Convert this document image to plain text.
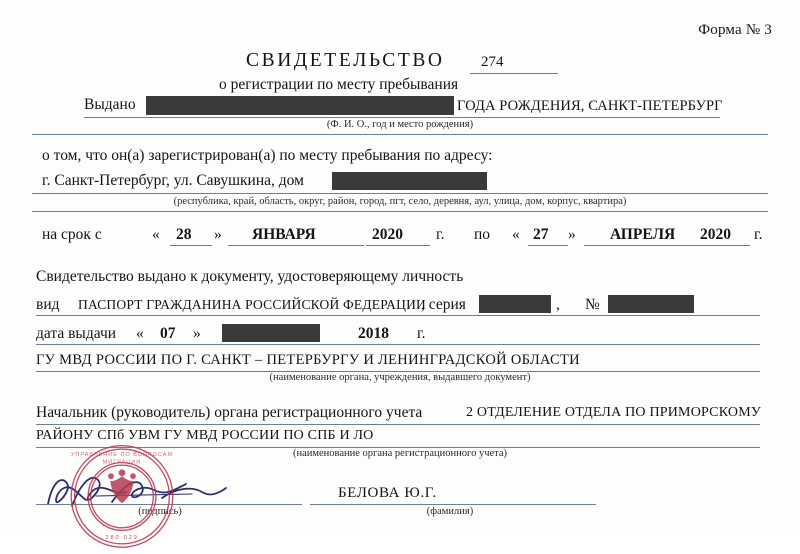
Форма № 3
СВИДЕТЕЛЬСТВО 274
о регистрации по месту пребывания
Выдано	ГОДА РОЖДЕНИЯ, САНКТ-ПЕТЕРБУРГ
(Ф. И. О., год и место рождения)
о том, что он(а) зарегистрирован(а) по месту пребывания по адресу:
г. Санкт-Петербург, ул. Савушкина, дом
(республика, край, область, округ, район, город, пгт, село, деревня, аул, улица, дом, корпус, квартира)
на срок с	« 28 » ЯНВАРЯ	2020 г. по « 27 » АПРЕЛЯ 2020 г.
Свидетельство выдано к документу, удостоверяющему личность
вид ПАСПОРТ ГРАЖДАНИНА РОССИЙСКОЙ ФЕДЕРАЦИИ
, серия	, №
дата выдачи « 07 »	2018 г.
ГУ МВД РОССИИ ПО Г. САНКТ – ПЕТЕРБУРГУ И ЛЕНИНГРАДСКОЙ ОБЛАСТИ
(наименование органа, учреждения, выдавшего документ)
Начальник (руководитель) органа регистрационного учета	2 ОТДЕЛЕНИЕ ОТДЕЛА ПО ПРИМОРСКОМУ
РАЙОНУ СПб УВМ ГУ МВД РОССИИ ПО СПБ И ЛО
(наименование органа регистрационного учета)
(подпись)
БЕЛОВА Ю.Г.
(фамилия)
280 029
УПРАВЛЕНИЕ ПО ВОПРОСАМ
МИГРАЦИИ
